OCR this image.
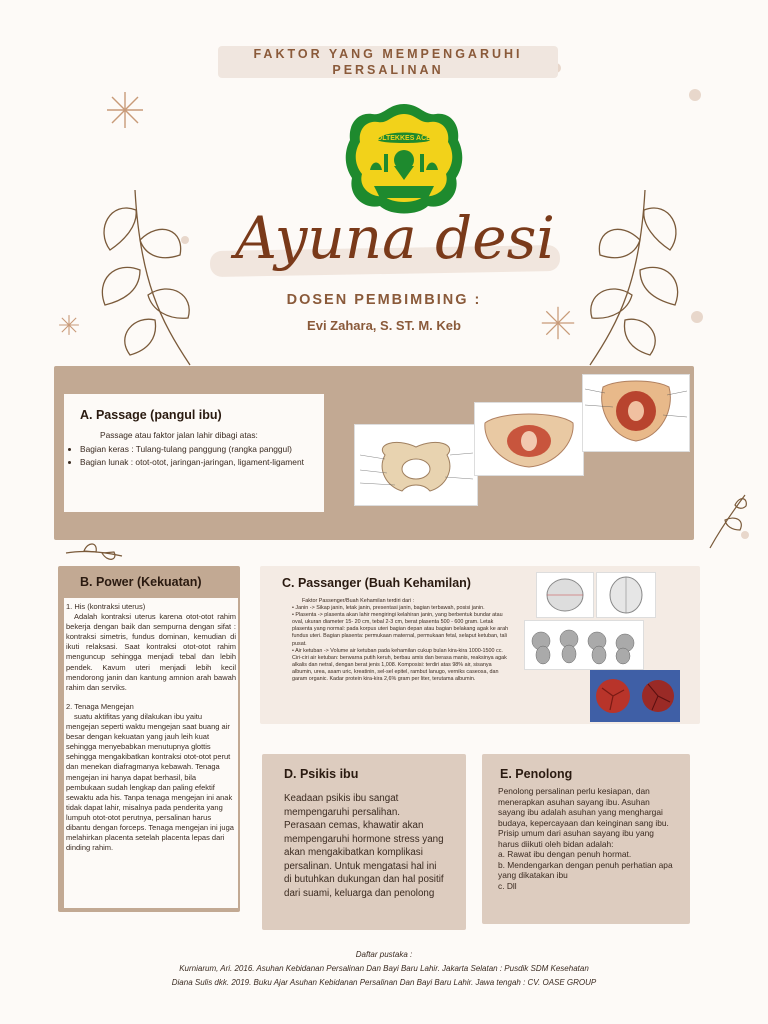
FAKTOR YANG MEMPENGARUHI
PERSALINAN
POLTEKKES ACEH
Ayuna desi
DOSEN PEMBIMBING :
Evi Zahara, S. ST. M. Keb
A. Passage (pangul ibu)
Passage atau faktor jalan lahir dibagi atas:
• Bagian keras : Tulang-tulang panggung (rangka panggul)
• Bagian lunak : otot-otot, jaringan-jaringan, ligament-ligament
B. Power (Kekuatan)
1. His (kontraksi uterus)
Adalah kontraksi uterus karena otot-otot rahim bekerja dengan baik dan sempurna dengan sifat : kontraksi simetris, fundus dominan, kemudian di ikuti relaksasi. Saat kontraksi otot-otot rahim menguncup sehingga menjadi tebal dan lebih pendek. Kavum uteri menjadi lebih kecil mendorong janin dan kantung amnion arah bawah rahim dan serviks.
2. Tenaga Mengejan
suatu aktifitas yang dilakukan ibu yaitu mengejan seperti waktu mengejan saat buang air besar dengan kekuatan yang jauh leih kuat sehingga menyebabkan menutupnya glottis sehingga mengakibatkan kontraksi otot-otot perut dan menekan diafragmanya kebawah. Tenaga mengejan ini hanya dapat berhasil, bila pembukaan sudah lengkap dan paling efektif sewaktu ada his. Tanpa tenaga mengejan ini anak tidak dapat lahir, misalnya pada penderita yang lumpuh otot-otot perutnya, persalinan harus dibantu dengan forceps. Tenaga mengejan ini juga melahirkan placenta setelah placenta lepas dari dinding rahim.
C. Passanger (Buah Kehamilan)
Faktor Passenger/Buah Kehamilan terdiri dari :
• Janin -> Sikap janin, letak janin, presentasi janin, bagian terbawah, posisi janin.
• Plasenta -> plasenta akan lahir mengiringi kelahiran janin, yang berbentuk bundar atau oval, ukuran diameter 15- 20 cm, tebal 2-3 cm, berat plasenta 500 - 600 gram. Letak plasenta yang normal: pada korpus uteri bagian depan atau bagian belakang agak ke arah fundus uteri. Bagian plasenta: permukaan maternal, permukaan fetal, selaput ketuban, tali pusat.
• Air ketuban -> Volume air ketuban pada kehamilan cukup bulan kira-kira 1000-1500 cc. Ciri-ciri air ketuban: berwarna putih keruh, berbau amis dan berasa manis, reaksinya agak alkalis dan netral, dengan berat jenis 1,008. Komposisi: terdiri atas 98% air, sisanya albumin, urea, asam uric, kreatinin, sel-sel epitel, rambut lanugo, verniks caseosa, dan garam organic. Kadar protein kira-kira 2,6% gram per liter, terutama albumin.
D. Psikis ibu
Keadaan psikis ibu sangat mempengaruhi persalihan. Perasaan cemas, khawatir akan mempengaruhi hormone stress yang akan mengakibatkan komplikasi persalinan. Untuk mengatasi hal ini di butuhkan dukungan dan hal positif dari suami, keluarga dan penolong
E. Penolong
Penolong persalinan perlu kesiapan, dan menerapkan asuhan sayang ibu. Asuhan sayang ibu adalah asuhan yang menghargai budaya, kepercayaan dan keinginan sang ibu.
Prisip umum dari asuhan sayang ibu yang harus diikuti oleh bidan adalah:
a. Rawat ibu dengan penuh hormat.
b. Mendengarkan dengan penuh perhatian apa yang dikatakan ibu
c. Dll
Daftar pustaka :
Kurniarum, Ari. 2016. Asuhan Kebidanan Persalinan Dan Bayi Baru Lahir. Jakarta Selatan : Pusdik SDM Kesehatan
Diana Sulis dkk. 2019. Buku Ajar Asuhan Kebidanan Persalinan Dan Bayi Baru Lahir. Jawa tengah : CV. OASE GROUP
